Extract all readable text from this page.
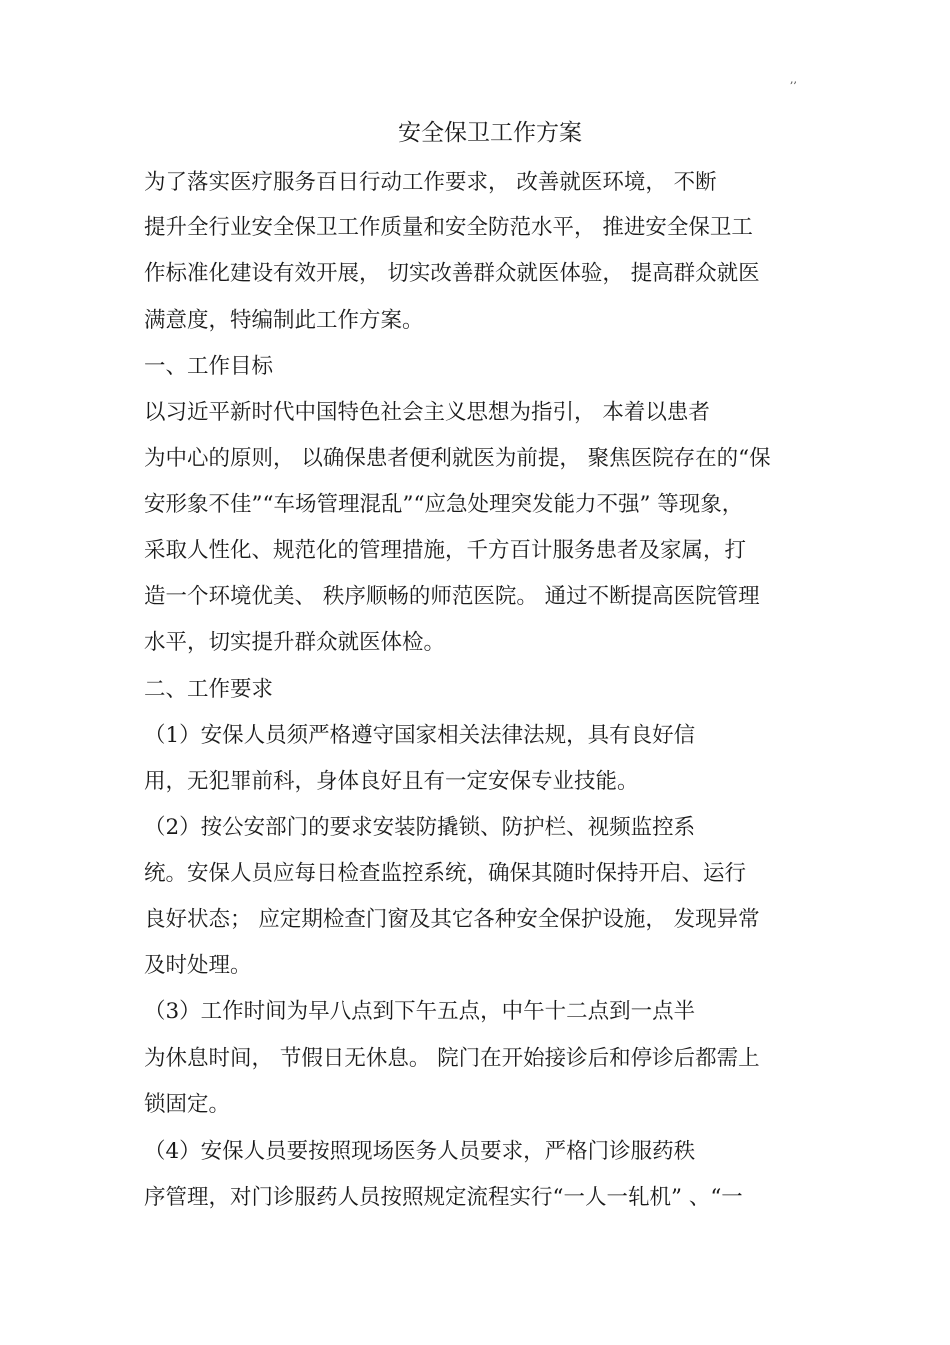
,,
安全保卫工作方案
为了落实医疗服务百日行动工作要求， 改善就医环境， 不断
提升全行业安全保卫工作质量和安全防范水平， 推进安全保卫工
作标准化建设有效开展， 切实改善群众就医体验， 提高群众就医
满意度，特编制此工作方案。
一、工作目标
以习近平新时代中国特色社会主义思想为指引， 本着以患者
为中心的原则， 以确保患者便利就医为前提， 聚焦医院存在的“保
安形象不佳”“车场管理混乱”“应急处理突发能力不强” 等现象，
采取人性化、规范化的管理措施，千方百计服务患者及家属，打
造一个环境优美、 秩序顺畅的师范医院。 通过不断提高医院管理
水平，切实提升群众就医体检。
二、工作要求
（1）安保人员须严格遵守国家相关法律法规，具有良好信
用，无犯罪前科，身体良好且有一定安保专业技能。
（2）按公安部门的要求安装防撬锁、防护栏、视频监控系
统。安保人员应每日检查监控系统，确保其随时保持开启、运行
良好状态； 应定期检查门窗及其它各种安全保护设施， 发现异常
及时处理。
（3）工作时间为早八点到下午五点，中午十二点到一点半
为休息时间， 节假日无休息。 院门在开始接诊后和停诊后都需上
锁固定。
（4）安保人员要按照现场医务人员要求，严格门诊服药秩
序管理，对门诊服药人员按照规定流程实行“一人一轧机” 、“一
